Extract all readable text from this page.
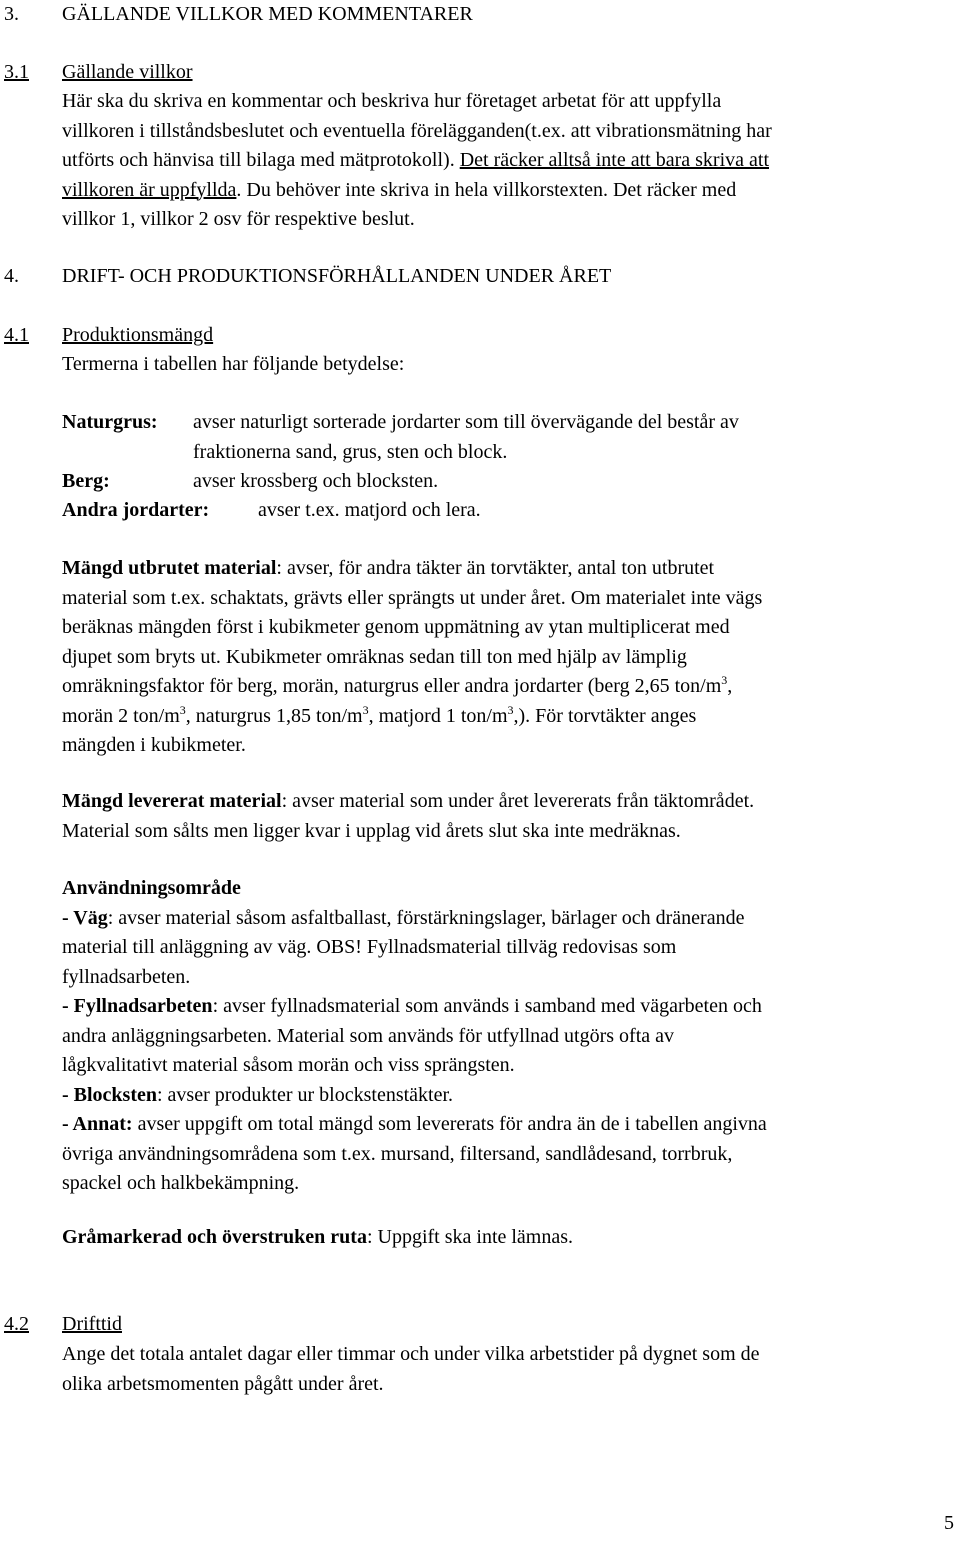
3. GÄLLANDE VILLKOR MED KOMMENTARER
3.1	Gällande villkor
Här ska du skriva en kommentar och beskriva hur företaget arbetat för att uppfylla
villkoren i tillståndsbeslutet och eventuella förelägganden(t.ex. att vibrationsmätning har
utförts och hänvisa till bilaga med mätprotokoll). Det räcker alltså inte att bara skriva att
villkoren är uppfyllda. Du behöver inte skriva in hela villkorstexten. Det räcker med
villkor 1, villkor 2 osv för respektive beslut.
4. DRIFT- OCH PRODUKTIONSFÖRHÅLLANDEN UNDER ÅRET
4.1	Produktionsmängd
Termerna i tabellen har följande betydelse:
Naturgrus: avser naturligt sorterade jordarter som till övervägande del består av
fraktionerna sand, grus, sten och block.
Berg:	avser krossberg och blocksten.
Andra jordarter: avser t.ex. matjord och lera.
Mängd utbrutet material: avser, för andra täkter än torvtäkter, antal ton utbrutet
material som t.ex. schaktats, grävts eller sprängts ut under året. Om materialet inte vägs
beräknas mängden först i kubikmeter genom uppmätning av ytan multiplicerat med
djupet som bryts ut. Kubikmeter omräknas sedan till ton med hjälp av lämplig
omräkningsfaktor för berg, morän, naturgrus eller andra jordarter (berg 2,65 ton/$m^3$,
morän 2 ton/$m^3$, naturgrus 1,85 ton/$m^3$, matjord 1 ton/$m^3$,). För torvtäkter anges
mängden i kubikmeter.
Mängd levererat material: avser material som under året levererats från täktområdet.
Material som sålts men ligger kvar i upplag vid årets slut ska inte medräknas.
Användningsområde
- Väg: avser material såsom asfaltballast, förstärkningslager, bärlager och dränerande
material till anläggning av väg. OBS! Fyllnadsmaterial tillväg redovisas som
fyllnadsarbeten.
- Fyllnadsarbeten: avser fyllnadsmaterial som används i samband med vägarbeten och
andra anläggningsarbeten. Material som används för utfyllnad utgörs ofta av
lågkvalitativt material såsom morän och viss sprängsten.
- Blocksten: avser produkter ur blockstenstäkter.
- Annat: avser uppgift om total mängd som levererats för andra än de i tabellen angivna
övriga användningsområdena som t.ex. mursand, filtersand, sandlådesand, torrbruk,
spackel och halkbekämpning.
Gråmarkerad och överstruken ruta: Uppgift ska inte lämnas.
4.2	Drifttid
Ange det totala antalet dagar eller timmar och under vilka arbetstider på dygnet som de
olika arbetsmomenten pågått under året.
5
